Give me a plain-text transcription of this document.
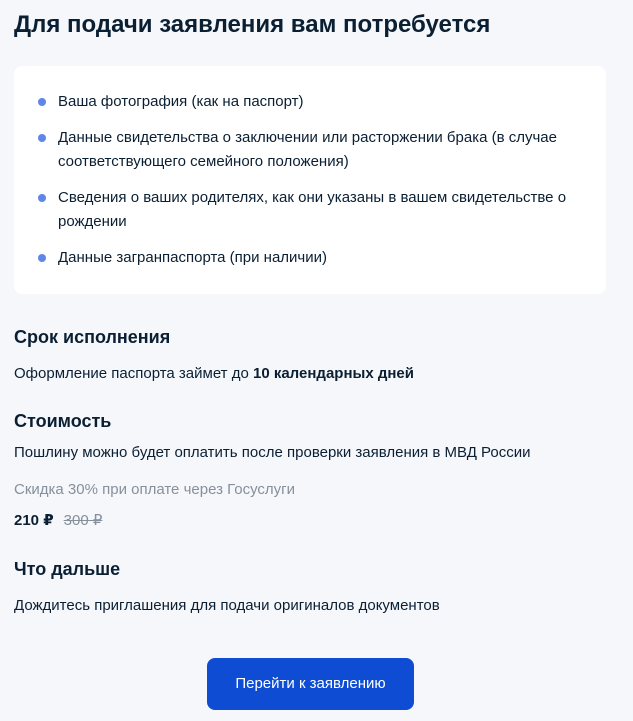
Для подачи заявления вам потребуется
Ваша фотография (как на паспорт)
Данные свидетельства о заключении или расторжении брака (в случае соответствующего семейного положения)
Сведения о ваших родителях, как они указаны в вашем свидетельстве о рождении
Данные загранпаспорта (при наличии)
Срок исполнения

Оформление паспорта займет до 10 календарных дней

Стоимость

Пошлину можно будет оплатить после проверки заявления в МВД России

Скидка 30% при оплате через Госуслуги

210 ₽ 300 ₽
Что дальше

Дождитесь приглашения для подачи оригиналов документов

Перейти к заявлению
